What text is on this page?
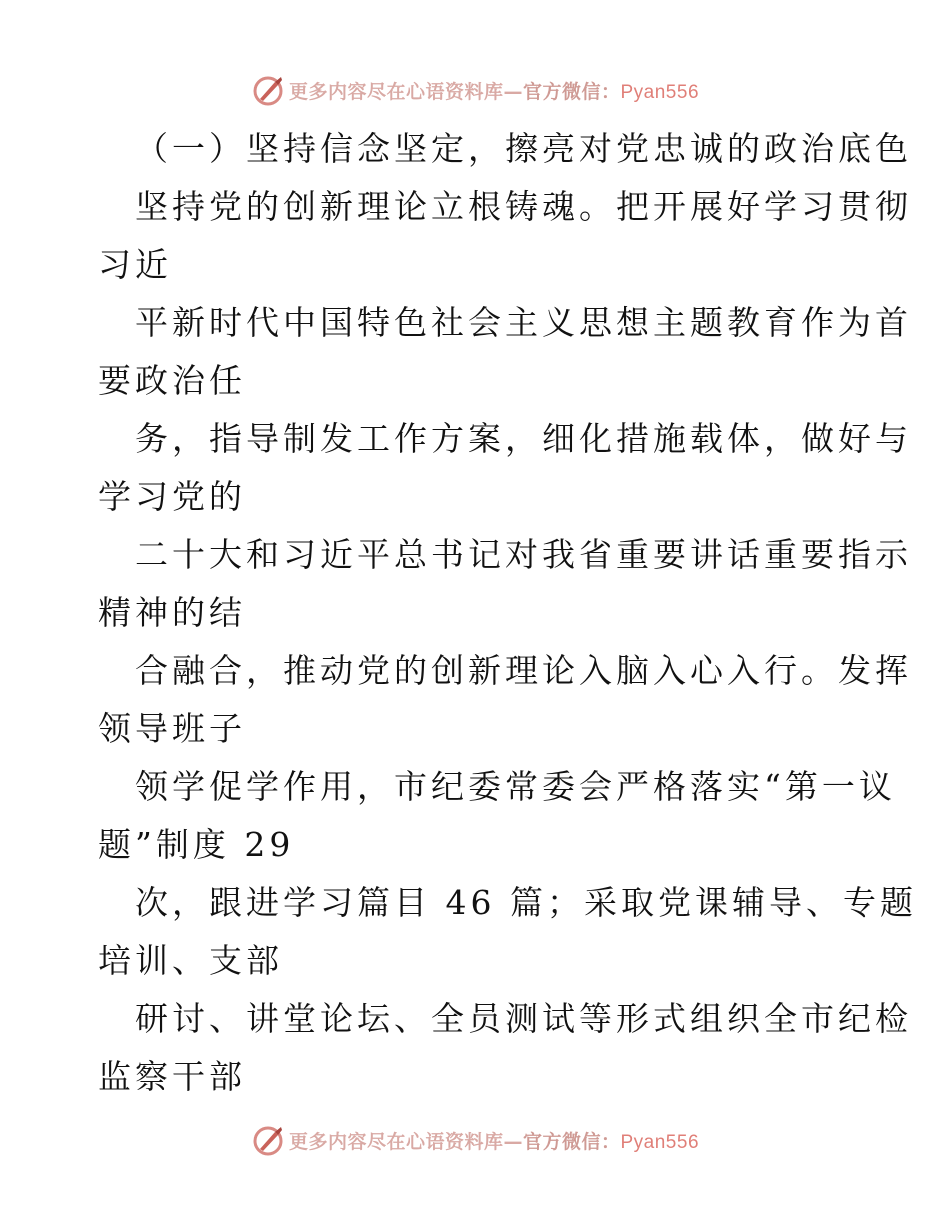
更多内容尽在心语资料库—官方微信：Pyan556
（一）坚持信念坚定，擦亮对党忠诚的政治底色
坚持党的创新理论立根铸魂。把开展好学习贯彻
习近
平新时代中国特色社会主义思想主题教育作为首
要政治任
务，指导制发工作方案，细化措施载体，做好与
学习党的
二十大和习近平总书记对我省重要讲话重要指示
精神的结
合融合，推动党的创新理论入脑入心入行。发挥
领导班子
领学促学作用，市纪委常委会严格落实“第一议
题”制度 29
次，跟进学习篇目 46 篇；采取党课辅导、专题
培训、支部
研讨、讲堂论坛、全员测试等形式组织全市纪检
监察干部
更多内容尽在心语资料库—官方微信：Pyan556
